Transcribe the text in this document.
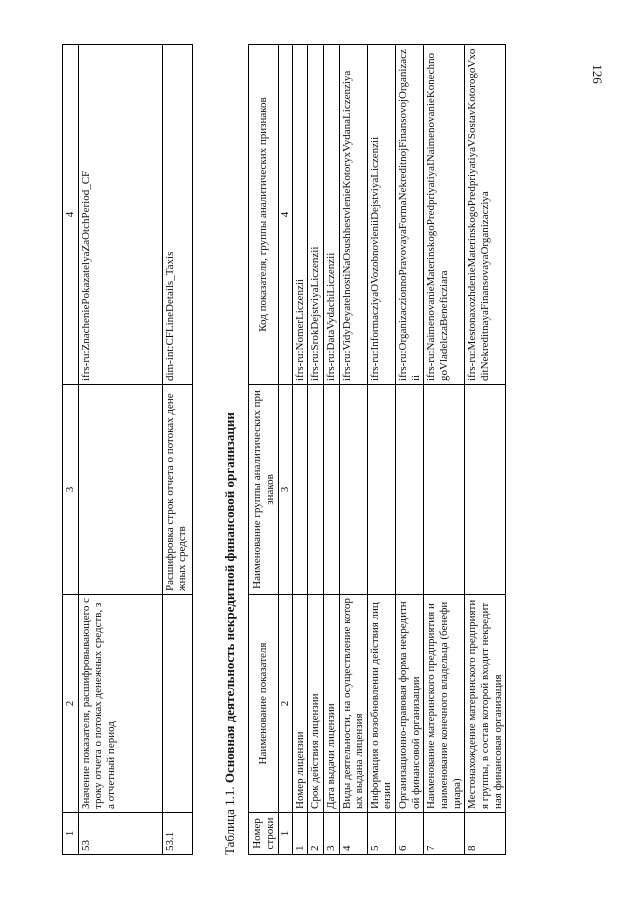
126
1	2	3	4
53	Значение показателя, расшифровывающего строку отчета о потоках денежных средств, за отчетный период		ifrs-ru:ZnacheniePokazatelyaZaOtchPeriod_CF
53.1		Расшифровка строк отчета о потоках денежных средств	dim-int:CFLineDetails_Taxis
Таблица 1.1. Основная деятельность некредитной финансовой организации
Номер строки	Наименование показателя	Наименование группы аналитических признаков	Код показателя, группы аналитических признаков
1	2	3	4
1	Номер лицензии		ifrs-ru:NomerLiczenzii
2	Срок действия лицензии		ifrs-ru:SrokDejstviyaLiczenzii
3	Дата выдачи лицензии		ifrs-ru:DataVydachiLiczenzii
4	Виды деятельности, на осуществление которых выдана лицензия		ifrs-ru:VidyDeyatelnostiNaOsushhestvlenieKotoryxVydanaLiczenziya
5	Информация о возобновлении действия лицензии		ifrs-ru:InformacziyaOVozobnovleniiDejstviyaLiczenzii
6	Организационно-правовая форма некредитной финансовой организации		ifrs-ru:OrganizaczionnoPravovayaFormaNekreditnojFinansovojOrganizaczii
7	Наименование материнского предприятия и наименование конечного владельца (бенефициара)		ifrs-ru:NaimenovanieMaterinskogoPredpriyatiyaINaimenovanieKonechnogoVladelczaBeneficziara
8	Местонахождение материнского предприятия группы, в состав которой входит некредитная финансовая организация		ifrs-ru:MestonaxozhdenieMaterinskogoPredpriyatiyaVSostavKotorogoVxoditNekreditnayaFinansovayaOrganizacziya
